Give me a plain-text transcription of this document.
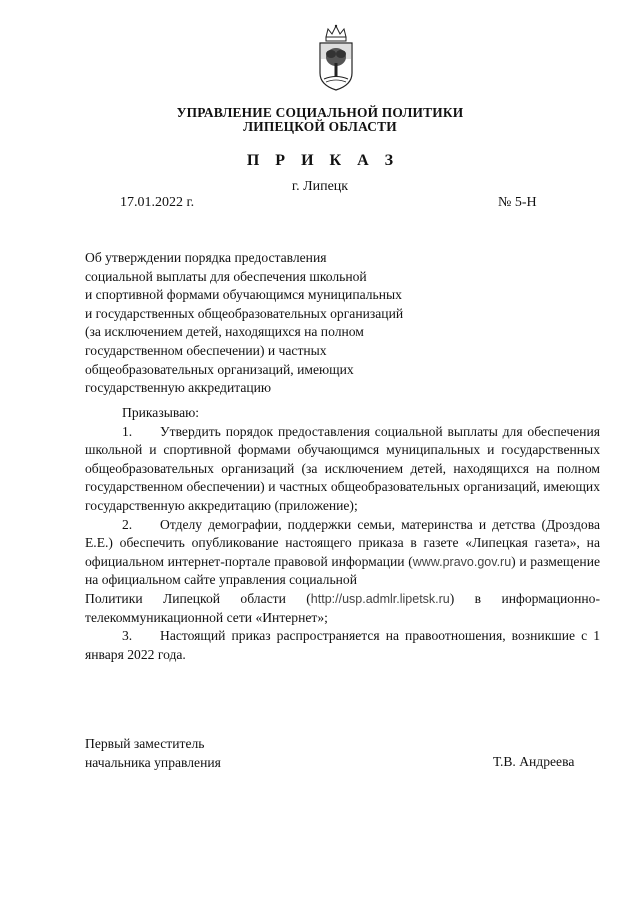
УПРАВЛЕНИЕ СОЦИАЛЬНОЙ ПОЛИТИКИ
ЛИПЕЦКОЙ ОБЛАСТИ
П Р И К А З
г. Липецк
17.01.2022 г.	№ 5-Н
Об утверждении порядка предоставления
социальной выплаты для обеспечения школьной
и спортивной формами обучающимся муниципальных
и государственных общеобразовательных организаций
(за исключением детей, находящихся на полном
государственном обеспечении) и частных
общеобразовательных организаций, имеющих
государственную аккредитацию

Приказываю:

1. Утвердить порядок предоставления социальной выплаты для обеспечения школьной и спортивной формами обучающимся муниципальных и государственных общеобразовательных организаций (за исключением детей, находящихся на полном государственном обеспечении) и частных общеобразовательных организаций, имеющих государственную аккредитацию (приложение);

2. Отделу демографии, поддержки семьи, материнства и детства (Дроздова Е.Е.) обеспечить опубликование настоящего приказа в газете «Липецкая газета», на официальном интернет-портале правовой информации (www.pravo.gov.ru) и размещение на официальном сайте управления социальной

Политики Липецкой области (http://usp.admlr.lipetsk.ru) в информационно-телекоммуникационной сети «Интернет»;

3. Настоящий приказ распространяется на правоотношения, возникшие с 1 января 2022 года.

Первый заместитель
начальника управления	Т.В. Андреева
